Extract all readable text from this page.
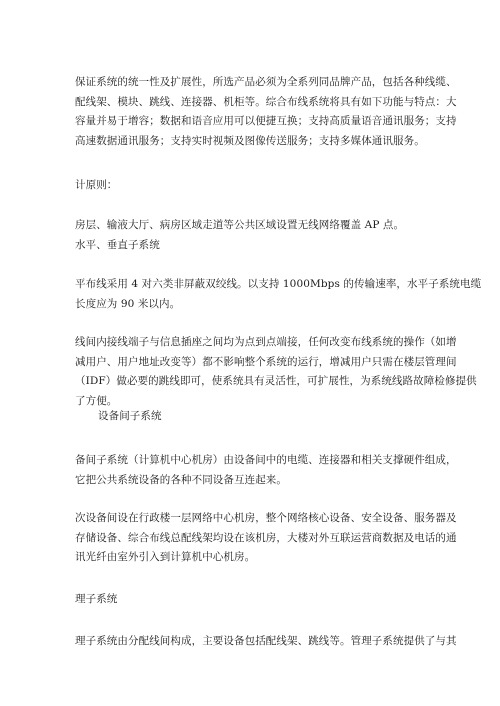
保证系统的统一性及扩展性，所选产品必须为全系列同品牌产品，包括各种线缆、
配线架、模块、跳线、连接器、机柜等。综合布线系统将具有如下功能与特点：大
容量并易于增容；数据和语音应用可以便捷互换；支持高质量语音通讯服务；支持
高速数据通讯服务；支持实时视频及图像传送服务；支持多媒体通讯服务。

计原则：

房层、输液大厅、病房区域走道等公共区域设置无线网络覆盖 AP 点。
水平、垂直子系统

平布线采用 4 对六类非屏蔽双绞线。以支持 1000Mbps 的传输速率，水平子系统电缆
长度应为 90 米以内。

线间内接线端子与信息插座之间均为点到点端接，任何改变布线系统的操作（如增
减用户、用户地址改变等）都不影响整个系统的运行，增减用户只需在楼层管理间
（IDF）做必要的跳线即可，使系统具有灵活性，可扩展性，为系统线路故障检修提供
了方便。

设备间子系统

备间子系统（计算机中心机房）由设备间中的电缆、连接器和相关支撑硬件组成，
它把公共系统设备的各种不同设备互连起来。

次设备间设在行政楼一层网络中心机房，整个网络核心设备、安全设备、服务器及
存储设备、综合布线总配线架均设在该机房，大楼对外互联运营商数据及电话的通
讯光纤由室外引入到计算机中心机房。

理子系统

理子系统由分配线间构成，主要设备包括配线架、跳线等。管理子系统提供了与其
